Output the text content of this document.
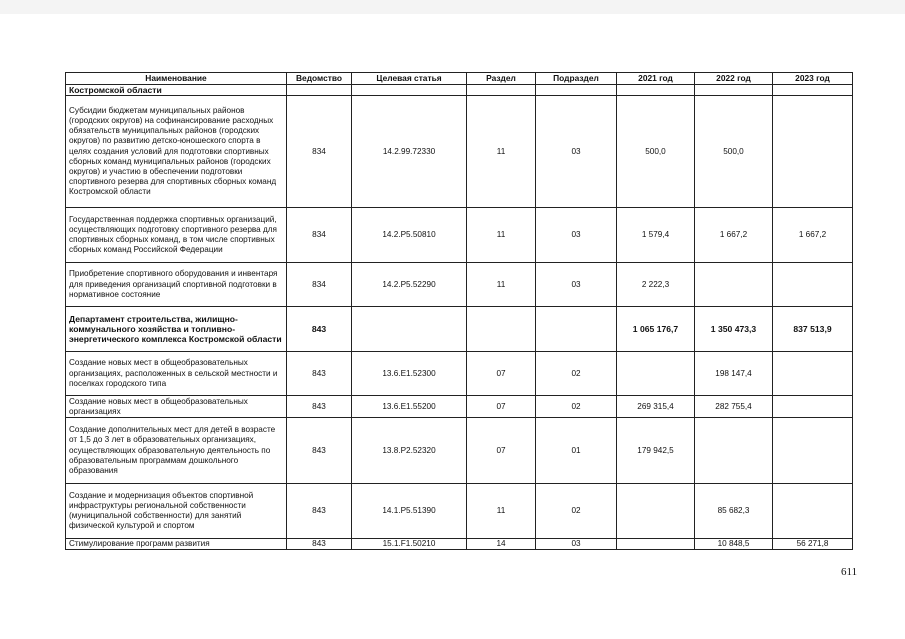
Наименование	Ведомство	Целевая статья	Раздел	Подраздел	2021 год	2022 год	2023 год
Костромской области							
Субсидии бюджетам муниципальных районов (городских округов) на софинансирование расходных обязательств муниципальных районов (городских округов) по развитию детско-юношеского спорта в целях создания условий для подготовки спортивных сборных команд муниципальных районов (городских округов) и участию в обеспечении подготовки спортивного резерва для спортивных сборных команд Костромской области	834	14.2.99.72330	11	03	500,0	500,0	
Государственная поддержка спортивных организаций, осуществляющих подготовку спортивного резерва для спортивных сборных команд, в том числе спортивных сборных команд Российской Федерации	834	14.2.Р5.50810	11	03	1 579,4	1 667,2	1 667,2
Приобретение спортивного оборудования и инвентаря для приведения организаций спортивной подготовки в нормативное состояние	834	14.2.Р5.52290	11	03	2 222,3		
Департамент строительства, жилищно-коммунального хозяйства и топливно-энергетического комплекса Костромской области	843				1 065 176,7	1 350 473,3	837 513,9
Создание новых мест в общеобразовательных организациях, расположенных в сельской местности и поселках городского типа	843	13.6.Е1.52300	07	02		198 147,4	
Создание новых мест в общеобразовательных организациях	843	13.6.Е1.55200	07	02	269 315,4	282 755,4	
Создание дополнительных мест для детей в возрасте от 1,5 до 3 лет в образовательных организациях, осуществляющих образовательную деятельность по образовательным программам дошкольного образования	843	13.8.Р2.52320	07	01	179 942,5		
Создание и модернизация объектов спортивной инфраструктуры региональной собственности (муниципальной собственности) для занятий физической культурой и спортом	843	14.1.Р5.51390	11	02		85 682,3	
Стимулирование программ развития	843	15.1.F1.50210	14	03		10 848,5	56 271,8
611
